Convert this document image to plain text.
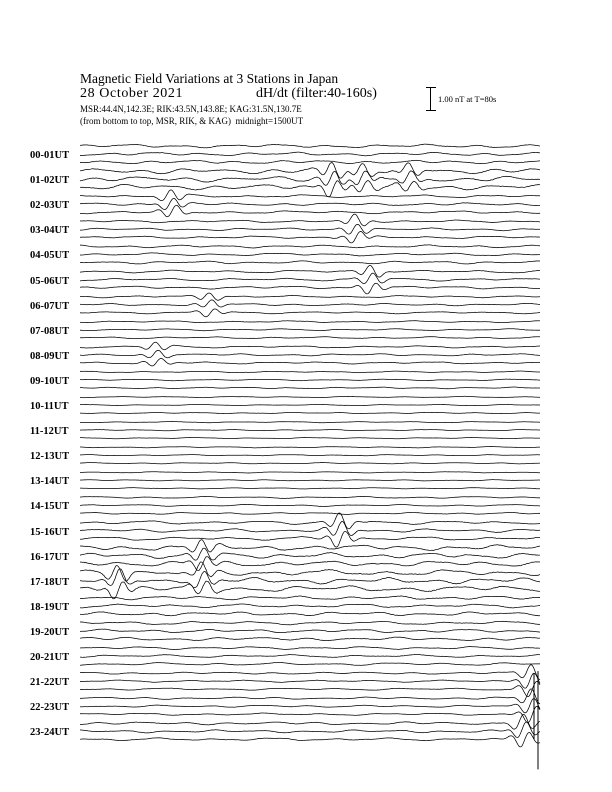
Magnetic Field Variations at 3 Stations in Japan
28 October 2021	dH/dt (filter:40-160s)
MSR:44.4N,142.3E; RIK:43.5N,143.8E; KAG:31.5N,130.7E
(from bottom to top, MSR, RIK, & KAG) midnight=1500UT
1.00 nT at T=80s
00-01UT
01-02UT
02-03UT
03-04UT
04-05UT
05-06UT
06-07UT
07-08UT
08-09UT
09-10UT
10-11UT
11-12UT
12-13UT
13-14UT
14-15UT
15-16UT
16-17UT
17-18UT
18-19UT
19-20UT
20-21UT
21-22UT
22-23UT
23-24UT
